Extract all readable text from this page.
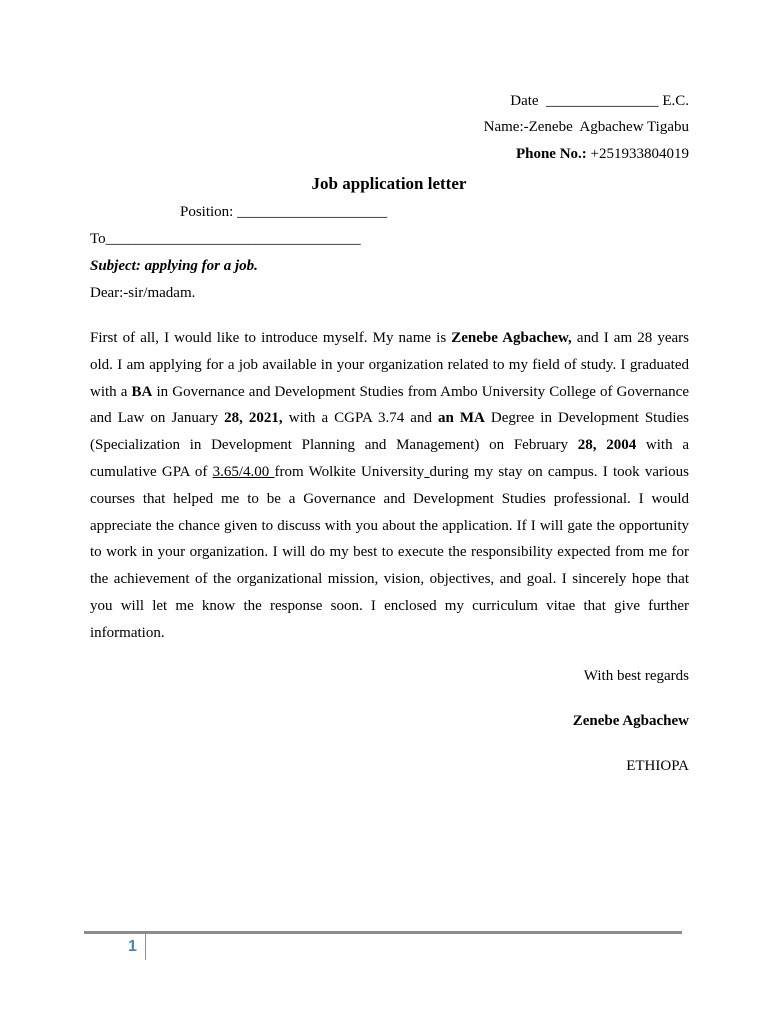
Date _______________ E.C.
Name:-Zenebe  Agbachew Tigabu
Phone No.: +251933804019
Job application letter
Position: ____________________
To__________________________________
Subject: applying for a job.
Dear:-sir/madam.
First of all, I would like to introduce myself. My name is Zenebe Agbachew, and I am 28 years old. I am applying for a job available in your organization related to my field of study. I graduated with a BA in Governance and Development Studies from Ambo University College of Governance and Law on January 28, 2021, with a CGPA 3.74 and an MA Degree in Development Studies (Specialization in Development Planning and Management) on February 28, 2004 with a cumulative GPA of 3.65/4.00 from Wolkite University during my stay on campus. I took various courses that helped me to be a Governance and Development Studies professional. I would appreciate the chance given to discuss with you about the application. If I will gate the opportunity to work in your organization. I will do my best to execute the responsibility expected from me for the achievement of the organizational mission, vision, objectives, and goal. I sincerely hope that you will let me know the response soon. I enclosed my curriculum vitae that give further information.
With best regards
Zenebe Agbachew
ETHIOPA
1
